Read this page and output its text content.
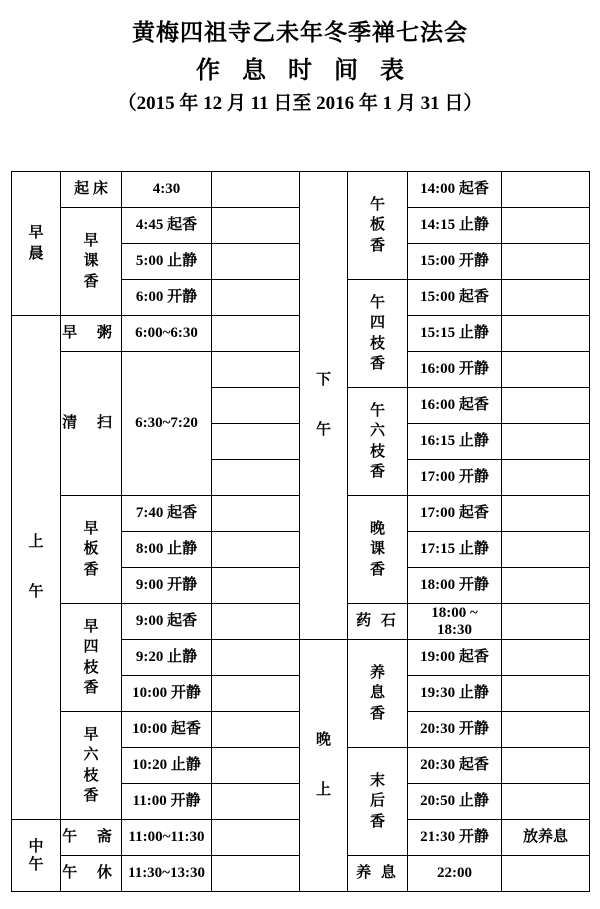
黄梅四祖寺乙未年冬季禅七法会
作息时间表
（2015 年 12 月 11 日至 2016 年 1 月 31 日）
早晨	起 床	4:30		下午	午板香	14:00 起香	
	早课香	4:45 起香				14:15 止静	
		5:00 止静				15:00 开静	
		6:00 开静			午四枝香	15:00 起香	
上午	早 粥	6:00~6:30				15:15 止静	
	清 扫	6:30~7:20				16:00 开静	
					午六枝香	16:00 起香	
						16:15 止静	
						17:00 开静	
	早板香	7:40 起香			晚课香	17:00 起香	
		8:00 止静				17:15 止静	
		9:00 开静				18:00 开静	
	早四枝香	9:00 起香			药 石	18:00 ~ 18:30	
		9:20 止静		晚上	养息香	19:00 起香	
		10:00 开静				19:30 止静	
	早六枝香	10:00 起香				20:30 开静	
		10:20 止静			末后香	20:30 起香	
		11:00 开静				20:50 止静	
中午	午 斋	11:00~11:30				21:30 开静	放养息
	午 休	11:30~13:30			养 息	22:00	
